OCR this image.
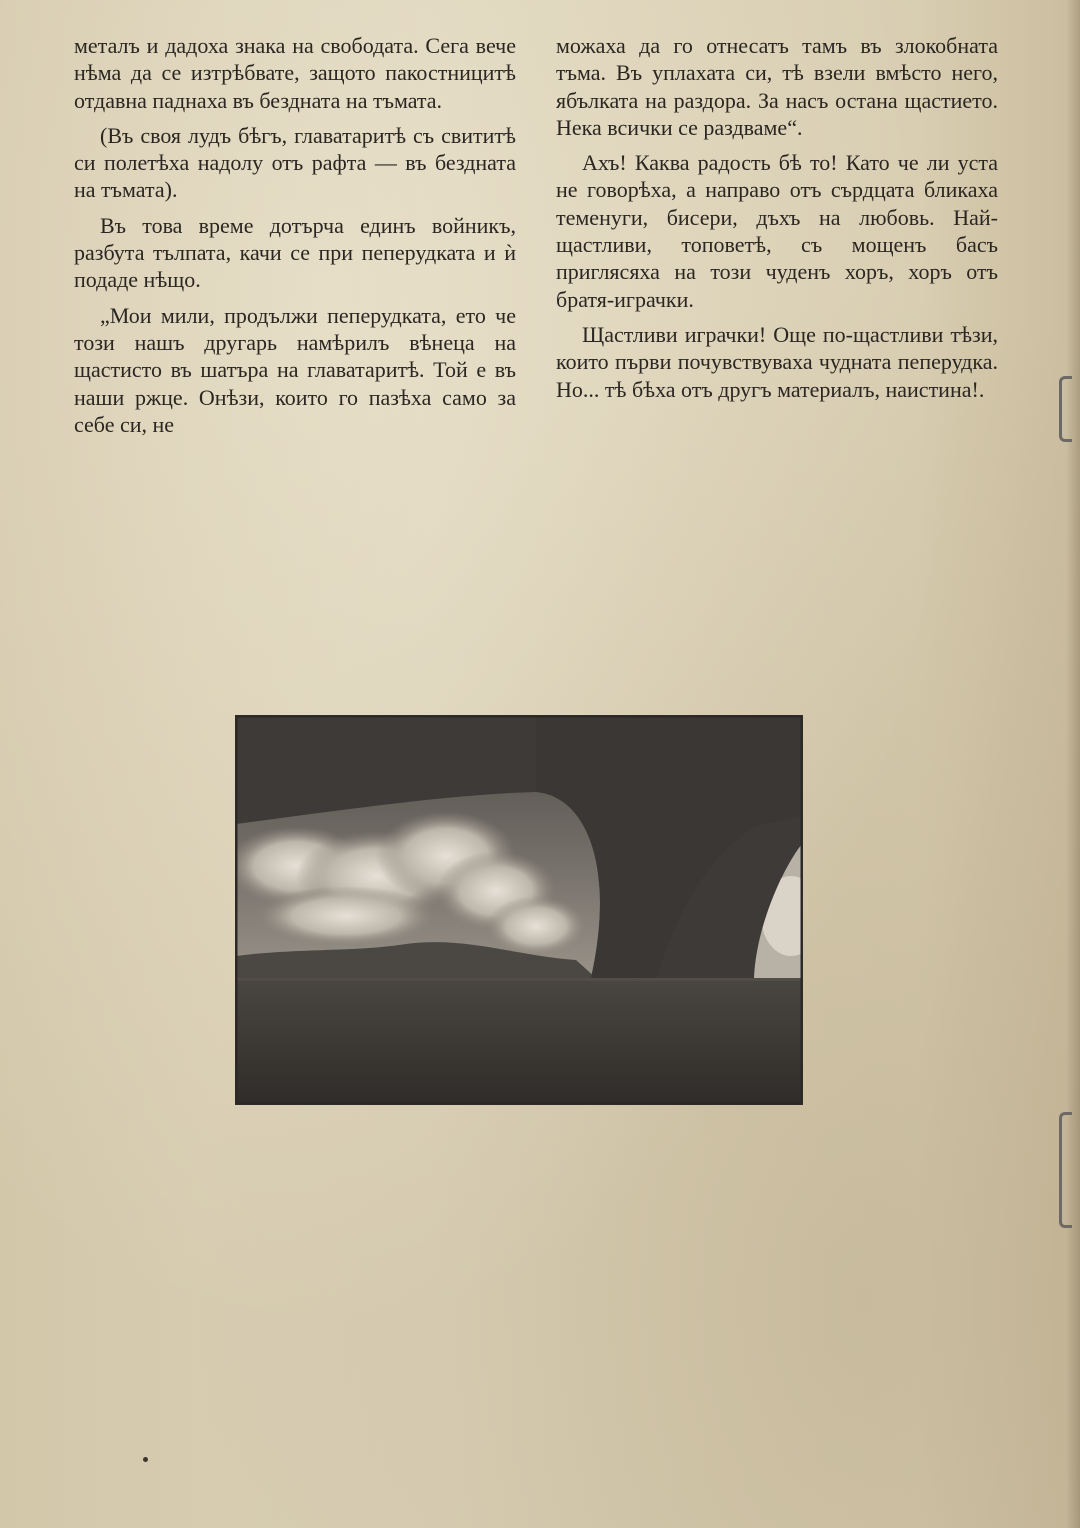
металъ и дадоха знака на свободата. Сега вече нѣма да се изтрѣбвате, защото пакостницитѣ отдавна паднаха въ бездната на тъмата.

(Въ своя лудъ бѣгъ, главатаритѣ съ свититѣ си полетѣха надолу отъ рафта — въ бездната на тъмата).

Въ това време дотърча единъ войникъ, разбута тълпата, качи се при пеперудката и ѝ подаде нѣщо.

„Мои мили, продължи пеперудката, ето че този нашъ другарь намѣрилъ вѣнеца на щастисто въ шатъра на главатаритѣ. Той е въ наши ржце. Онѣзи, които го пазѣха само за себе си, не

можаха да го отнесатъ тамъ въ злокобната тъма. Въ уплахата си, тѣ взели вмѣсто него, ябълката на раздора. За насъ остана щастието. Нека всички се раздваме“.

Ахъ! Каква радость бѣ то! Като че ли уста не говорѣха, а направо отъ сърдцата бликаха теменуги, бисери, дъхъ на любовь. Най-щастливи, топоветѣ, съ мощенъ басъ приглясяха на този чуденъ хоръ, хоръ отъ братя-играчки.

Щастливи играчки! Още по-щастливи тѣзи, които първи почувствуваха чудната пеперудка. Но... тѣ бѣха отъ другъ материалъ, наистина!.
